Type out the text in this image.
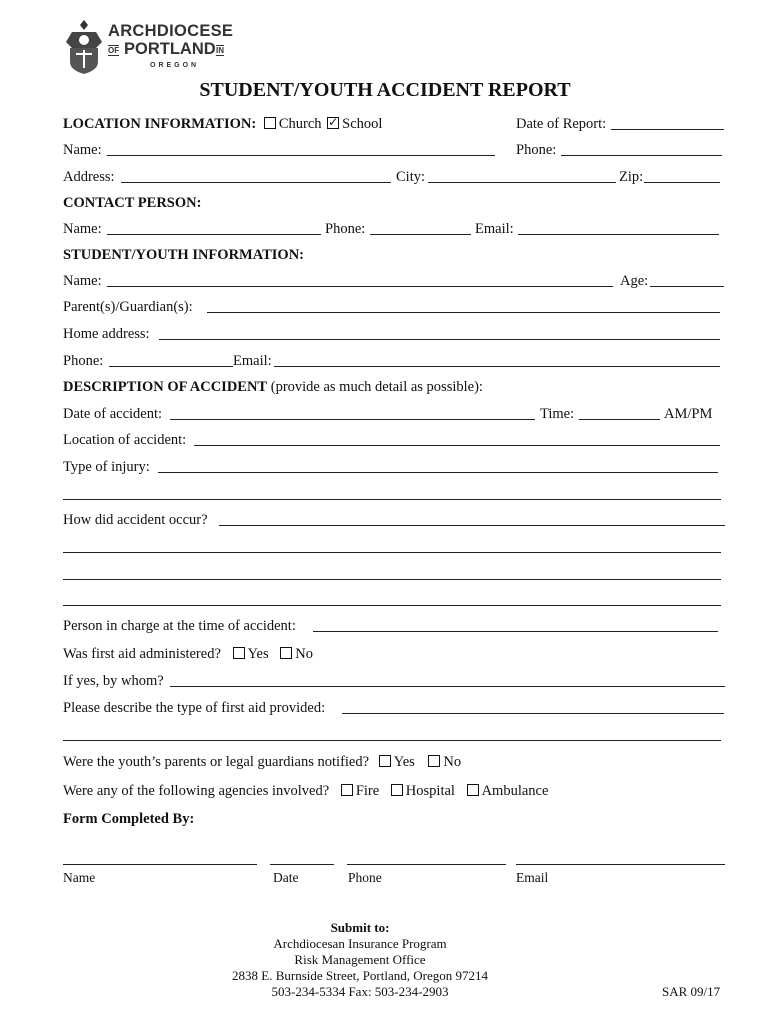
ARCHDIOCESE
OF PORTLAND IN
OREGON
STUDENT/YOUTH ACCIDENT REPORT
LOCATION INFORMATION: Church ✓ School	Date of Report:
Name:	Phone:
Address:	City:	Zip:
CONTACT PERSON:
Name:	Phone:	Email:
STUDENT/YOUTH INFORMATION:
Name:	Age:
Parent(s)/Guardian(s):
Home address:
Phone:	Email:
DESCRIPTION OF ACCIDENT (provide as much detail as possible):
Date of accident:	Time:	AM/PM
Location of accident:
Type of injury:
How did accident occur?
Person in charge at the time of accident:
Was first aid administered? Yes No
If yes, by whom?
Please describe the type of first aid provided:
Were the youth’s parents or legal guardians notified? Yes No
Were any of the following agencies involved? Fire Hospital Ambulance
Form Completed By:
Name	Date	Phone	Email
Submit to:
Archdiocesan Insurance Program
Risk Management Office
2838 E. Burnside Street, Portland, Oregon 97214
503-234-5334 Fax: 503-234-2903	SAR 09/17
